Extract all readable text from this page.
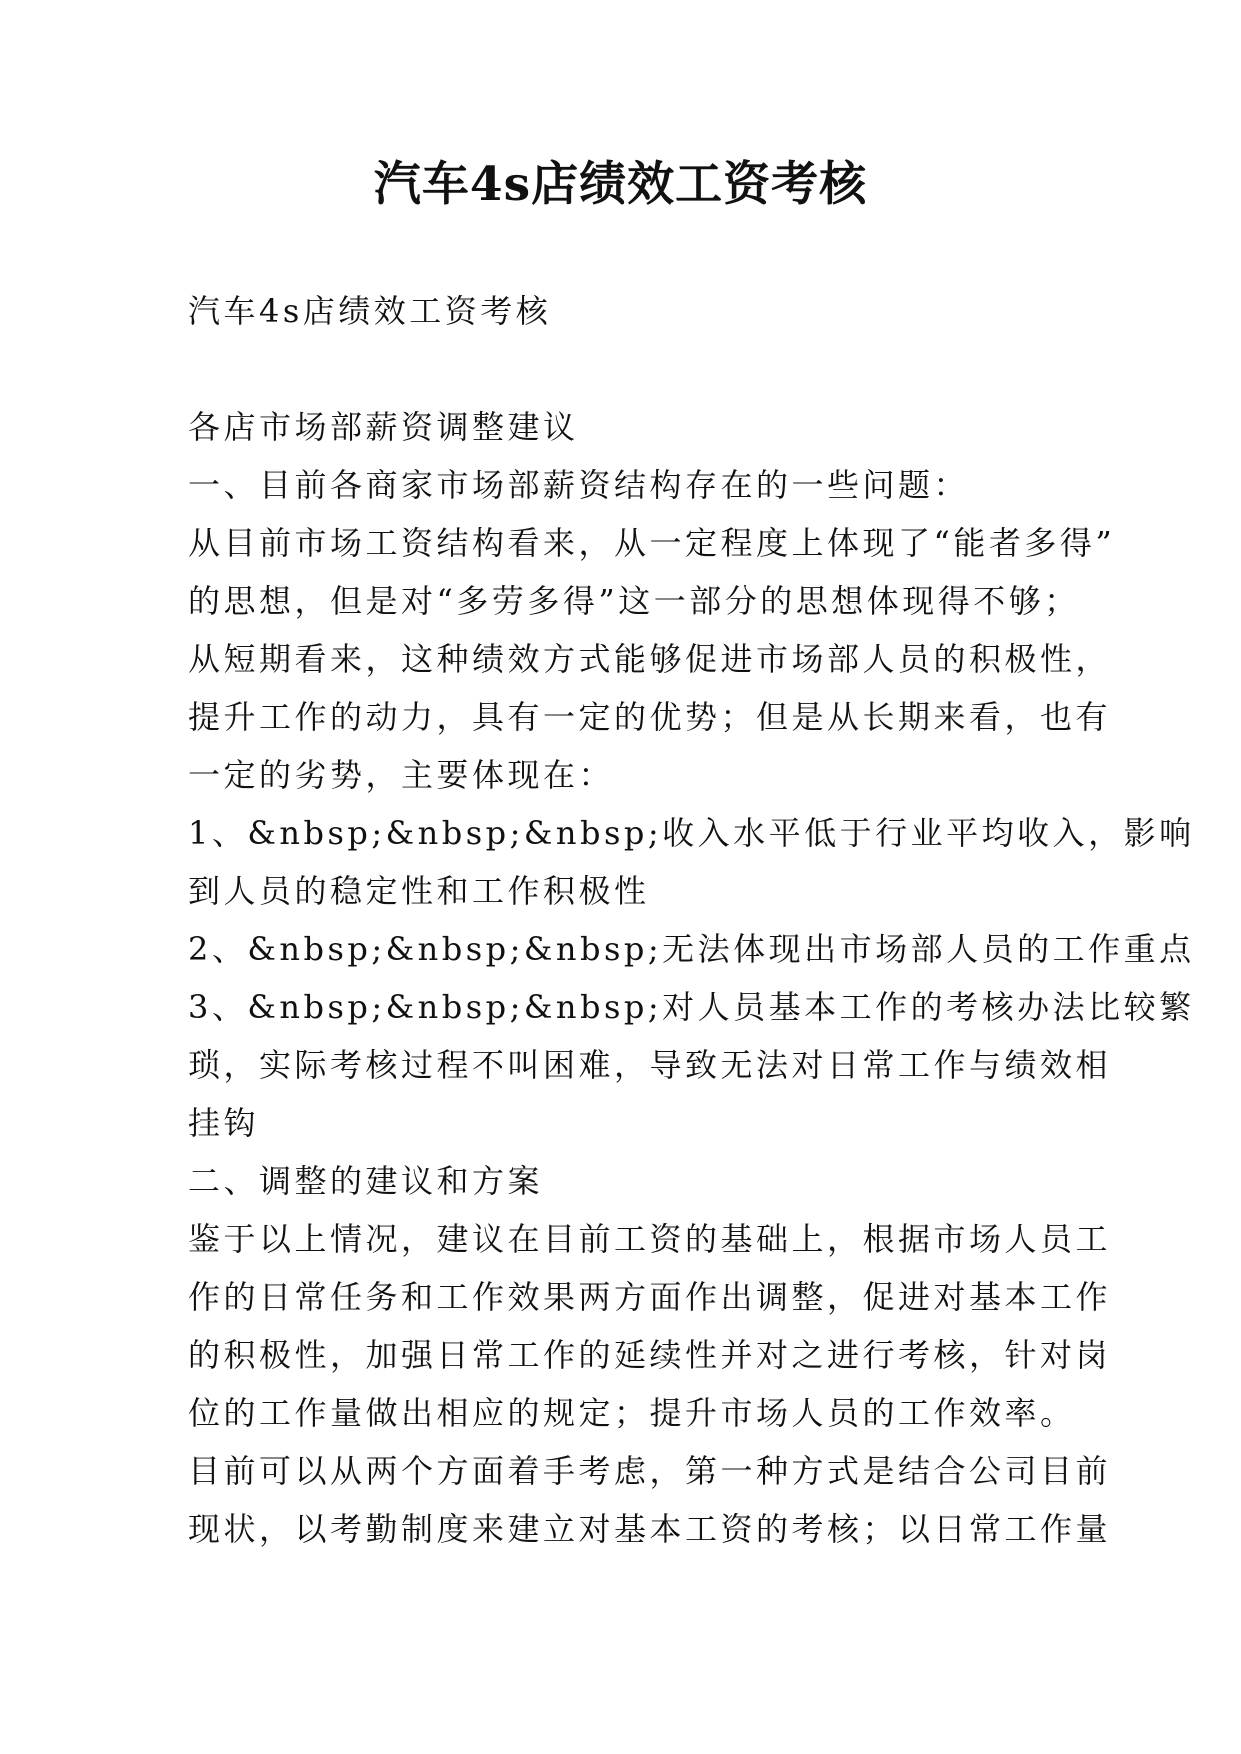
汽车4s店绩效工资考核

汽车4s店绩效工资考核

各店市场部薪资调整建议

一、目前各商家市场部薪资结构存在的一些问题：

从目前市场工资结构看来，从一定程度上体现了“能者多得”

的思想，但是对“多劳多得”这一部分的思想体现得不够；

从短期看来，这种绩效方式能够促进市场部人员的积极性，

提升工作的动力，具有一定的优势；但是从长期来看，也有

一定的劣势，主要体现在：

1、&nbsp;&nbsp;&nbsp;收入水平低于行业平均收入，影响

到人员的稳定性和工作积极性

2、&nbsp;&nbsp;&nbsp;无法体现出市场部人员的工作重点

3、&nbsp;&nbsp;&nbsp;对人员基本工作的考核办法比较繁

琐，实际考核过程不叫困难，导致无法对日常工作与绩效相

挂钩

二、调整的建议和方案

鉴于以上情况，建议在目前工资的基础上，根据市场人员工

作的日常任务和工作效果两方面作出调整，促进对基本工作

的积极性，加强日常工作的延续性并对之进行考核，针对岗

位的工作量做出相应的规定；提升市场人员的工作效率。

目前可以从两个方面着手考虑，第一种方式是结合公司目前

现状，以考勤制度来建立对基本工资的考核；以日常工作量
